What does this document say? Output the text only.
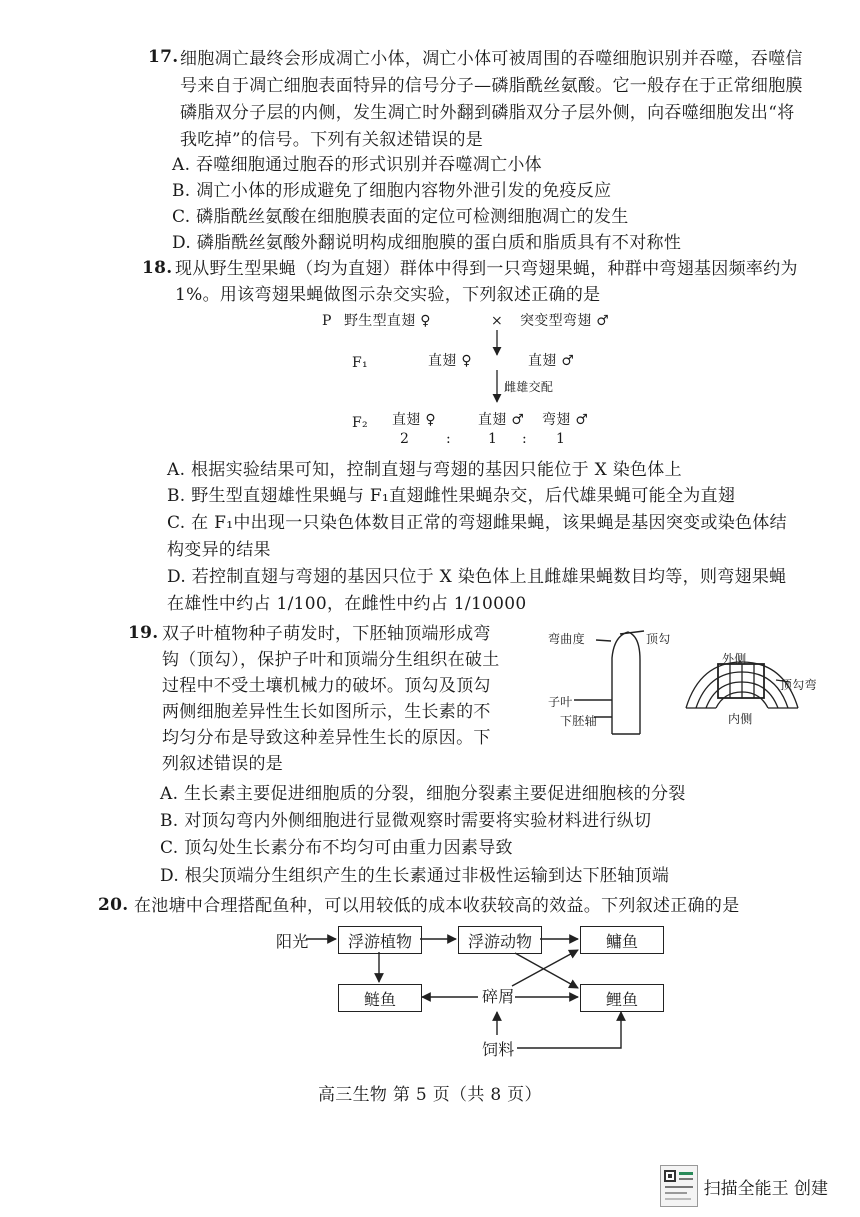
17. 细胞凋亡最终会形成凋亡小体，凋亡小体可被周围的吞噬细胞识别并吞噬，吞噬信
号来自于凋亡细胞表面特异的信号分子—磷脂酰丝氨酸。它一般存在于正常细胞膜
磷脂双分子层的内侧，发生凋亡时外翻到磷脂双分子层外侧，向吞噬细胞发出“将
我吃掉”的信号。下列有关叙述错误的是
A. 吞噬细胞通过胞吞的形式识别并吞噬凋亡小体
B. 凋亡小体的形成避免了细胞内容物外泄引发的免疫反应
C. 磷脂酰丝氨酸在细胞膜表面的定位可检测细胞凋亡的发生
D. 磷脂酰丝氨酸外翻说明构成细胞膜的蛋白质和脂质具有不对称性
18. 现从野生型果蝇（均为直翅）群体中得到一只弯翅果蝇，种群中弯翅基因频率约为
1%。用该弯翅果蝇做图示杂交实验，下列叙述正确的是
P 野生型直翅 ♀	× 突变型弯翅 ♂
F₁	直翅 ♀	直翅 ♂
雌雄交配
F₂ 直翅 ♀	直翅 ♂ 弯翅 ♂
2	:	1 : 1
A. 根据实验结果可知，控制直翅与弯翅的基因只能位于 X 染色体上
B. 野生型直翅雄性果蝇与 F₁直翅雌性果蝇杂交，后代雄果蝇可能全为直翅
C. 在 F₁中出现一只染色体数目正常的弯翅雌果蝇，该果蝇是基因突变或染色体结
构变异的结果
D. 若控制直翅与弯翅的基因只位于 X 染色体上且雌雄果蝇数目均等，则弯翅果蝇
在雄性中约占 1/100，在雌性中约占 1/10000
19. 双子叶植物种子萌发时，下胚轴顶端形成弯
钩（顶勾），保护子叶和顶端分生组织在破土
过程中不受土壤机械力的破坏。顶勾及顶勾
两侧细胞差异性生长如图所示，生长素的不
均匀分布是导致这种差异性生长的原因。下
列叙述错误的是
弯曲度	顶勾
子叶
下胚轴
外侧
顶勾弯
内侧
A. 生长素主要促进细胞质的分裂，细胞分裂素主要促进细胞核的分裂
B. 对顶勾弯内外侧细胞进行显微观察时需要将实验材料进行纵切
C. 顶勾处生长素分布不均匀可由重力因素导致
D. 根尖顶端分生组织产生的生长素通过非极性运输到达下胚轴顶端
20. 在池塘中合理搭配鱼种，可以用较低的成本收获较高的效益。下列叙述正确的是
阳光	浮游植物	浮游动物	鳙鱼
鲢鱼	碎屑	鲤鱼
饲料
高三生物 第 5 页（共 8 页）
扫描全能王 创建
